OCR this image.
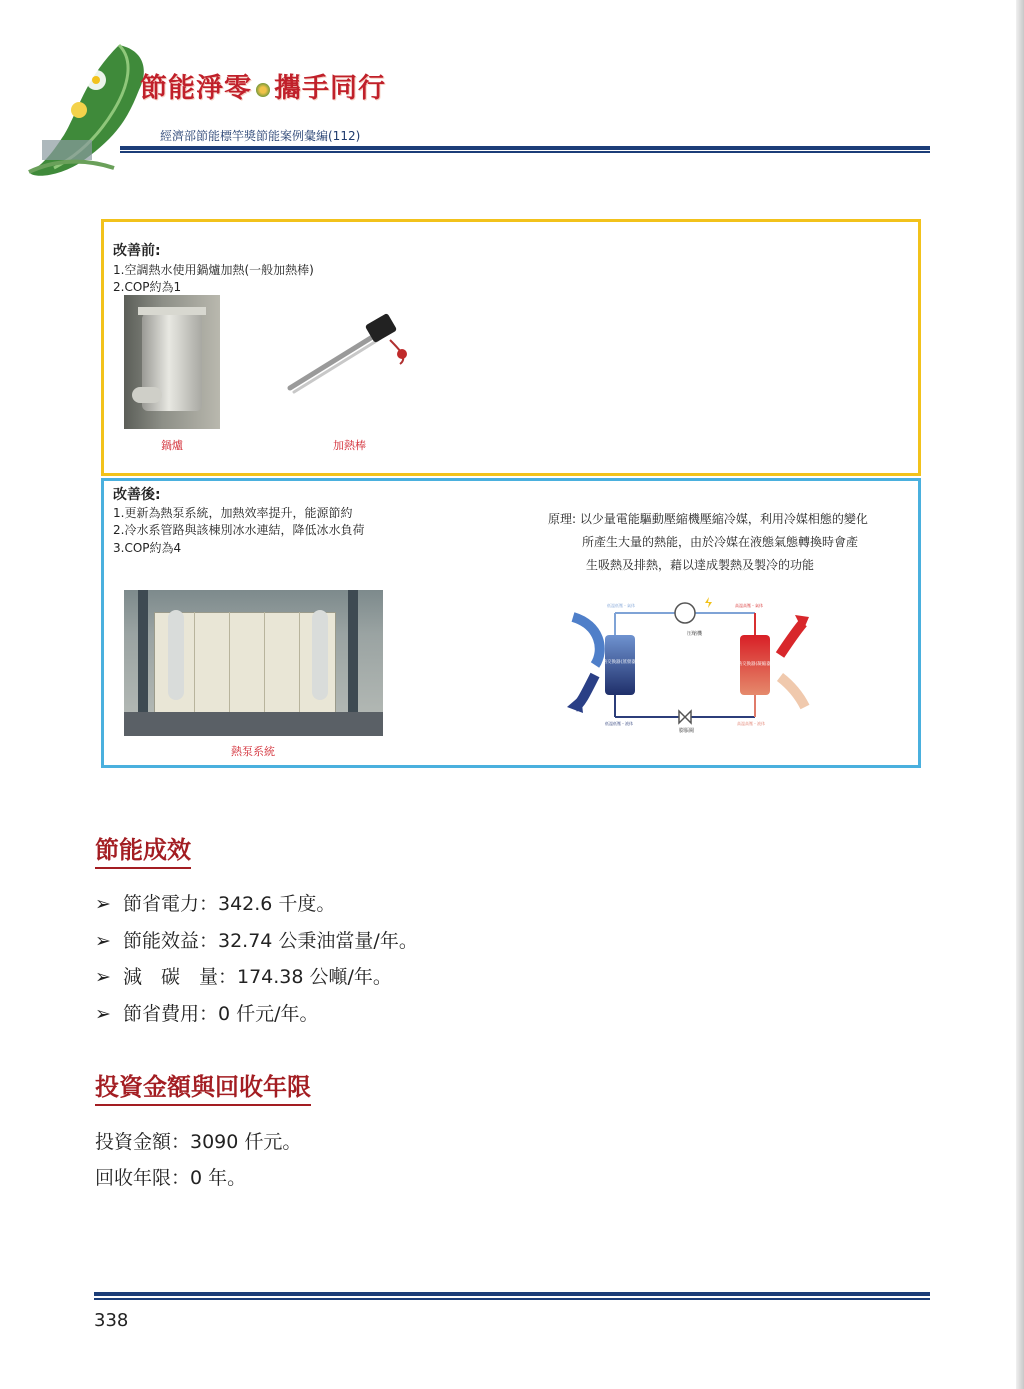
節能淨零 攜手同行
經濟部節能標竿獎節能案例彙編(112)
改善前:
1.空調熱水使用鍋爐加熱(一般加熱棒)
2.COP約為1
鍋爐	加熱棒
改善後:
1.更新為熱泵系統，加熱效率提升，能源節約
2.冷水系管路與該棟別冰水連結，降低冰水負荷
3.COP約為4
熱泵系統
原理: 以少量電能驅動壓縮機壓縮冷媒，利用冷媒相態的變化
所產生大量的熱能，由於冷媒在液態氣態轉換時會產
生吸熱及排熱，藉以達成製熱及製冷的功能
压缩機
膨脹閥
熱交換器(蒸發器)	熱交換器(凝縮器)
低溫低壓・氣体	高溫高壓・氣体
低溫低壓・液体	高溫高壓・液体
節能成效
➢ 節省電力：342.6 千度。
➢ 節能效益：32.74 公秉油當量/年。
➢ 減　碳　量：174.38 公噸/年。
➢ 節省費用：0 仟元/年。
投資金額與回收年限
投資金額：3090 仟元。
回收年限：0 年。
338
